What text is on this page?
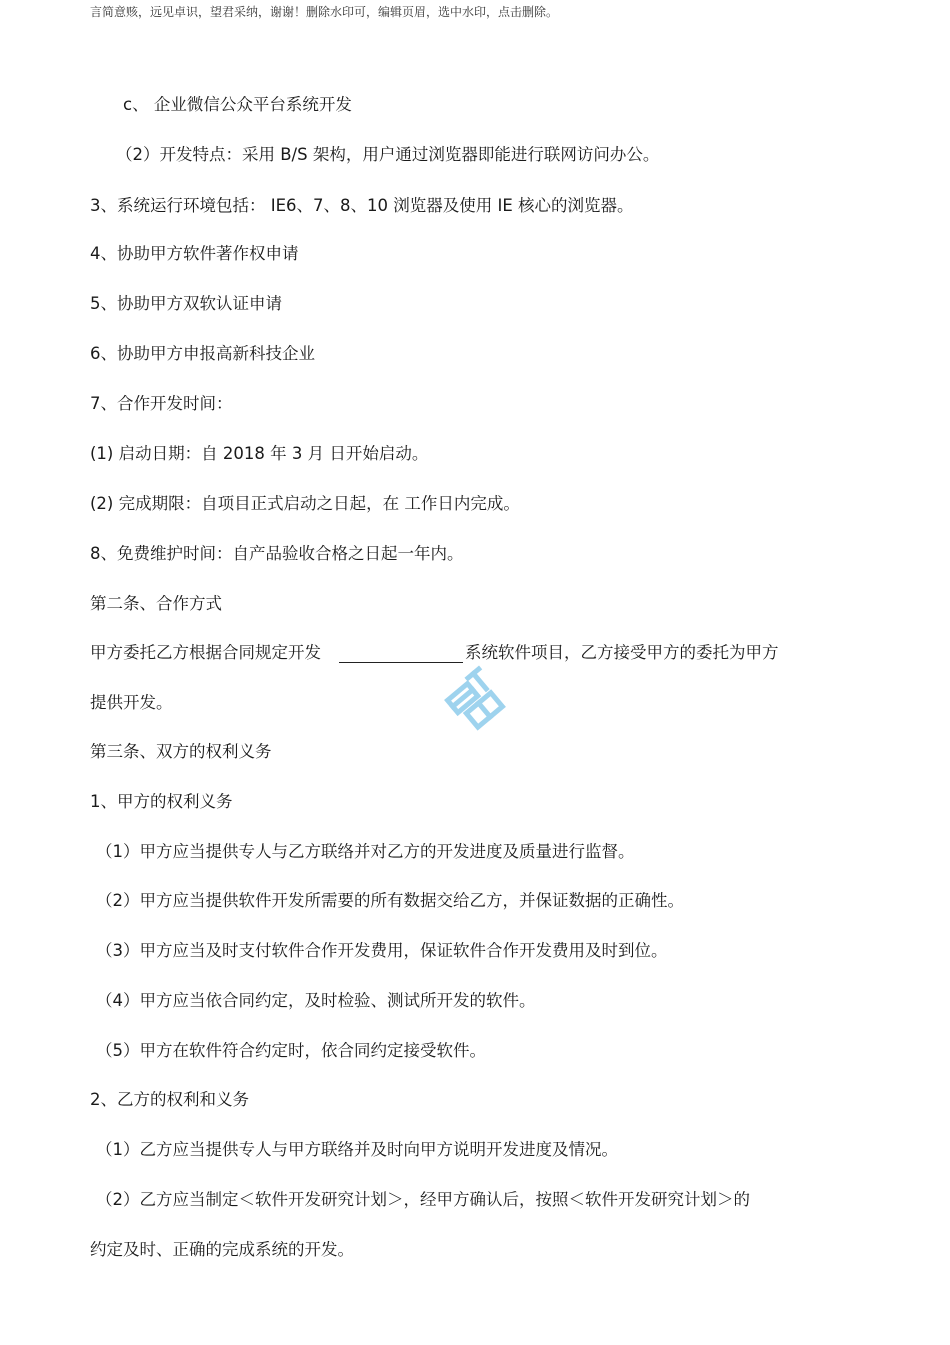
言简意赅，远见卓识，望君采纳，谢谢！删除水印可，编辑页眉，选中水印，点击删除。
c、 企业微信公众平台系统开发
（2）开发特点：采用 B/S 架构，用户通过浏览器即能进行联网访问办公。
3、系统运行环境包括： IE6、7、8、10 浏览器及使用 IE 核心的浏览器。
4、协助甲方软件著作权申请
5、协助甲方双软认证申请
6、协助甲方申报高新科技企业
7、合作开发时间：
(1) 启动日期：自 2018 年 3 月 日开始启动。
(2) 完成期限：自项目正式启动之日起，在 工作日内完成。
8、免费维护时间：自产品验收合格之日起一年内。
第二条、合作方式
甲方委托乙方根据合同规定开发	系统软件项目，乙方接受甲方的委托为甲方
提供开发。
第三条、双方的权利义务
1、甲方的权利义务
（1）甲方应当提供专人与乙方联络并对乙方的开发进度及质量进行监督。
（2）甲方应当提供软件开发所需要的所有数据交给乙方，并保证数据的正确性。
（3）甲方应当及时支付软件合作开发费用，保证软件合作开发费用及时到位。
（4）甲方应当依合同约定，及时检验、测试所开发的软件。
（5）甲方在软件符合约定时，依合同约定接受软件。
2、乙方的权利和义务
（1）乙方应当提供专人与甲方联络并及时向甲方说明开发进度及情况。
（2）乙方应当制定＜软件开发研究计划＞，经甲方确认后，按照＜软件开发研究计划＞的
约定及时、正确的完成系统的开发。
